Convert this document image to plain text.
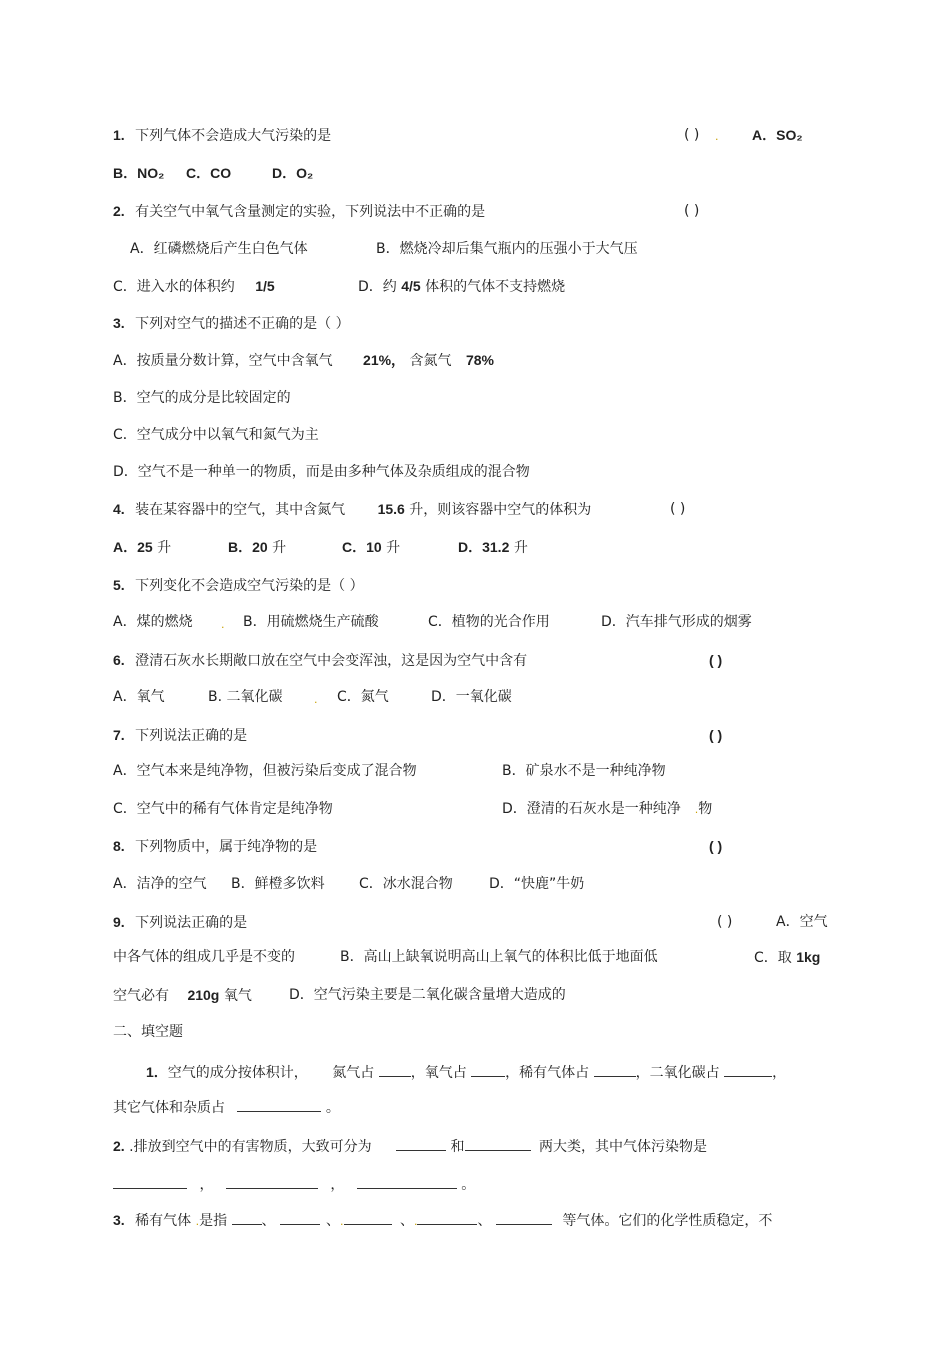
1. 下列气体不会造成大气污染的是	( ) . A．SO₂
B．NO₂ C．CO	D．O₂
2. 有关空气中氧气含量测定的实验，下列说法中不正确的是	( )
A．红磷燃烧后产生白色气体	B．燃烧冷却后集气瓶内的压强小于大气压
C．进入水的体积约 1/5	D．约 4/5 体积的气体不支持燃烧
3. 下列对空气的描述不正确的是（ ）
A．按质量分数计算，空气中含氧气 21%， 含氮气 78%
B．空气的成分是比较固定的
C．空气成分中以氧气和氮气为主
D．空气不是一种单一的物质，而是由多种气体及杂质组成的混合物
4. 装在某容器中的空气，其中含氮气 15.6 升，则该容器中空气的体积为	( )
A．25 升	B．20 升	C．10 升	D．31.2 升
5. 下列变化不会造成空气污染的是（ ）
A．煤的燃烧	. B．用硫燃烧生产硫酸	C．植物的光合作用	D．汽车排气形成的烟雾
6. 澄清石灰水长期敞口放在空气中会变浑浊，这是因为空气中含有	( )
A．氧气	B. 二氧化碳	. C．氮气	D．一氧化碳
7. 下列说法正确的是	( )
A．空气本来是纯净物，但被污染后变成了混合物	B．矿泉水不是一种纯净物
C．空气中的稀有气体肯定是纯净物	D．澄清的石灰水是一种纯净 .物
8. 下列物质中，属于纯净物的是	( )
A．洁净的空气 B．鲜橙多饮料 C．冰水混合物	D．“快鹿”牛奶
9. 下列说法正确的是	( )	A．空气
中各气体的组成几乎是不变的	B．高山上缺氧说明高山上氧气的体积比低于地面低	C．取 1kg
空气必有 210g 氧气	D．空气污染主要是二氧化碳含量增大造成的
二、填空题
1．空气的成分按体积计， 氮气占	，氧气占	，稀有气体占	，二氧化碳占	，
其它气体和杂质占	。
2. .排放到空气中的有害物质，大致可分为	和	两大类，其中气体污染物是
，	，	。
3. 稀有气体 .是指 、	、.	、.	、	等气体。它们的化学性质稳定，不
